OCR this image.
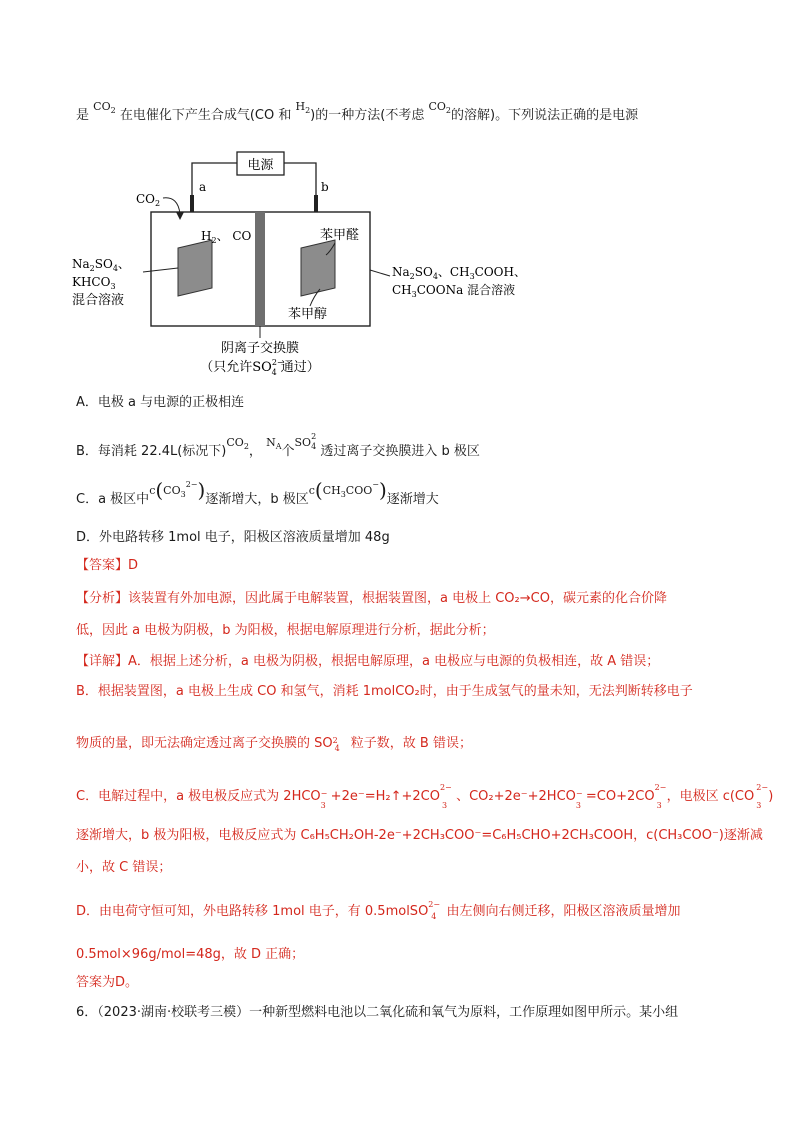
是 $^{CO_2}$ 在电催化下产生合成气(CO 和 $^{H_2}$)的一种方法(不考虑 $^{CO_2}$的溶解)。下列说法正确的是电源
电源
a	b
$CO_2$
$H_2$、 CO	苯甲醛
苯甲醇
$Na_2SO_4$、
$KHCO_3$
混合溶液
$Na_2SO_4$、$CH_3COOH$、
$CH_3COONa$ 混合溶液
阴离子交换膜
（只允许$SO^{2-}$ 4 通过）
A．电极 a 与电源的正极相连
B．每消耗 22.4L(标况下)$^{CO_2}$， $^{N_A}$个$^{SO^2_4}$ 透过离子交换膜进入 b 极区
C．a 极区中$^{c(CO_3^{2-})}$逐渐增大，b 极区$^{c(CH_3COO^-)}$逐渐增大
D．外电路转移 1mol 电子，阳极区溶液质量增加 48g
【答案】D
【分析】该装置有外加电源，因此属于电解装置，根据装置图，a 电极上 CO₂→CO，碳元素的化合价降
低，因此 a 电极为阴极，b 为阳极，根据电解原理进行分析，据此分析；
【详解】A．根据上述分析，a 电极为阴极，根据电解原理，a 电极应与电源的负极相连，故 A 错误；
B．根据装置图，a 电极上生成 CO 和氢气，消耗 1molCO₂时，由于生成氢气的量未知，无法判断转移电子
物质的量，即无法确定透过离子交换膜的 SO 2
4 粒子数，故 B 错误；
C．电解过程中，a 极电极反应式为 2HCO −
3
+2e⁻=H₂↑+2CO
2−
3
、CO₂+2e⁻+2HCO −
3
=CO+2CO
2−
3
，电极区 c(CO
2−
3
)
逐渐增大，b 极为阳极，电极反应式为 C₆H₅CH₂OH-2e⁻+2CH₃COO⁻=C₆H₅CHO+2CH₃COOH，c(CH₃COO⁻)逐渐减
小，故 C 错误；
D．由电荷守恒可知，外电路转移 1mol 电子，有 0.5molSO 2−
4 由左侧向右侧迁移，阳极区溶液质量增加
0.5mol×96g/mol=48g，故 D 正确；
答案为D。
6．（2023·湖南·校联考三模）一种新型燃料电池以二氧化硫和氧气为原料，工作原理如图甲所示。某小组
